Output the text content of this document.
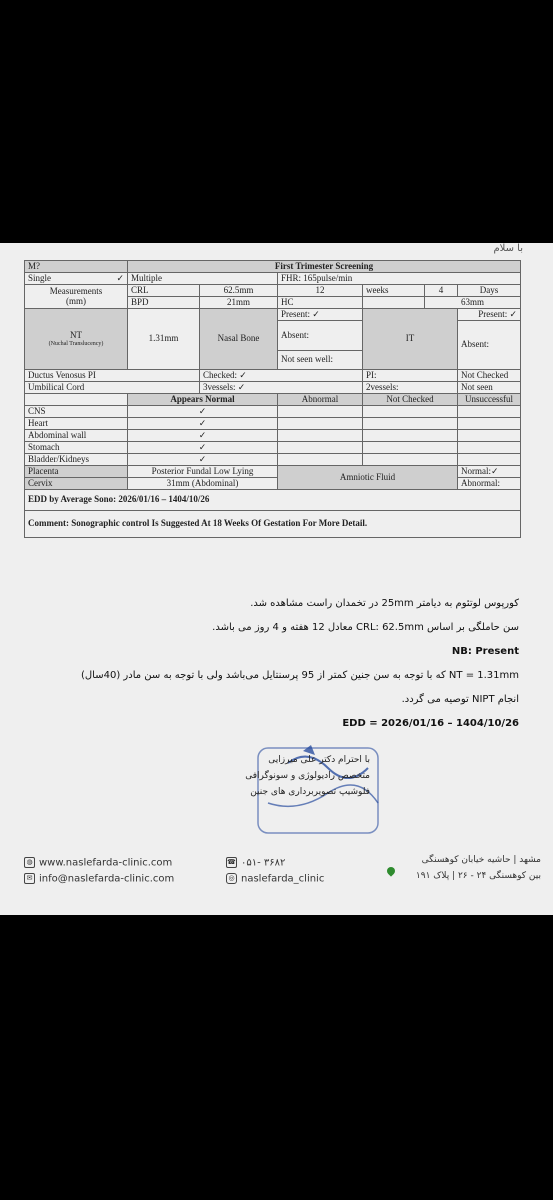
با سلام
M?	First Trimester Screening					
Single ✓	Multiple		FHR: 165pulse/min			

Measurements
(mm)	CRL	62.5mm	12	weeks	4	Days
	BPD	21mm	HC		63mm	

NT
(Nuchal Translucency)	1.31mm	Nasal Bone	Present: ✓	IT		Present: ✓
			Absent:			Absent:
			Not seen well:			
Ductus Venosus PI		Checked: ✓		PI:		Not Checked
Umbilical Cord		3vessels: ✓		2vessels:		Not seen
	Appears Normal		Abnormal	Not Checked		Unsuccessful
CNS	✓					
Heart	✓					
Abdominal wall	✓					
Stomach	✓					
Bladder/Kidneys	✓					
Placenta	Posterior Fundal Low Lying		Amniotic Fluid			Normal:✓
Cervix	31mm (Abdominal)					Abnormal:
EDD by Average Sono: 2026/01/16 – 1404/10/26						
Comment: Sonographic control Is Suggested At 18 Weeks Of Gestation For More Detail.						
کورپوس لوتئوم به دیامتر 25mm در تخمدان راست مشاهده شد.
سن حاملگی بر اساس CRL: 62.5mm معادل 12 هفته و 4 روز می باشد.
NB: Present
NT = 1.31mm که با توجه به سن جنین کمتر از 95 پرسنتایل می‌باشد ولی با توجه به سن مادر (40سال)
انجام NIPT توصیه می گردد.
EDD = 2026/01/16 – 1404/10/26
با احترام دکتر علی میرزایی
متخصص رادیولوژی و سونوگرافی
فلوشیپ تصویربرداری های جنین
◍ www.naslefarda-clinic.com
✉ info@naslefarda-clinic.com
☎ ۰۵۱- ۳۶۸۲
◎ naslefarda_clinic
مشهد | حاشیه خیابان کوهسنگی
بین کوهسنگی ۲۴ - ۲۶ | پلاک ۱۹۱
